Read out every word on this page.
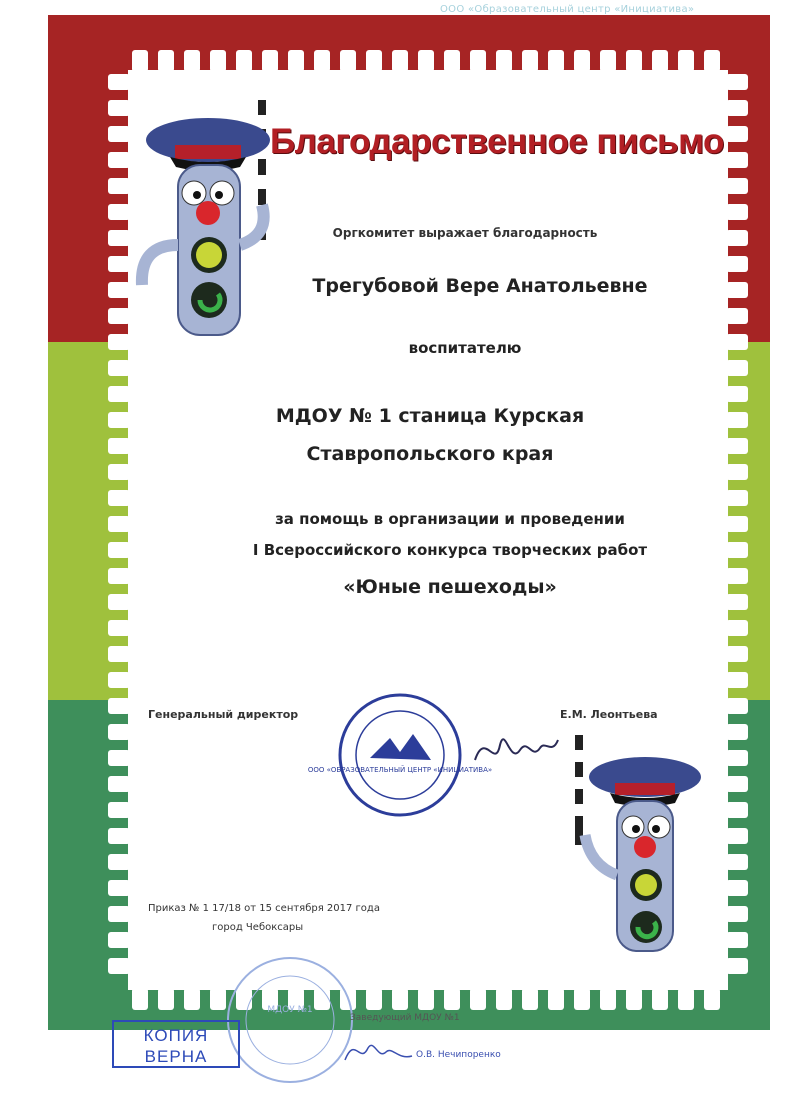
ООО «Образовательный центр «Инициатива»
Благодарственное письмо
Оргкомитет выражает благодарность
Трегубовой Вере Анатольевне
воспитателю
МДОУ № 1 станица Курская
Ставропольского края
за помощь в организации и проведении
I Всероссийского конкурса творческих работ
«Юные пешеходы»
Генеральный директор	Е.М. Леонтьева
ООО «ОБРАЗОВАТЕЛЬНЫЙ ЦЕНТР «ИНИЦИАТИВА»
Приказ № 1 17/18 от 15 сентября 2017 года
город Чебоксары
МДОУ №1
КОПИЯ
ВЕРНА
Заведующий МДОУ №1
О.В. Нечипоренко
